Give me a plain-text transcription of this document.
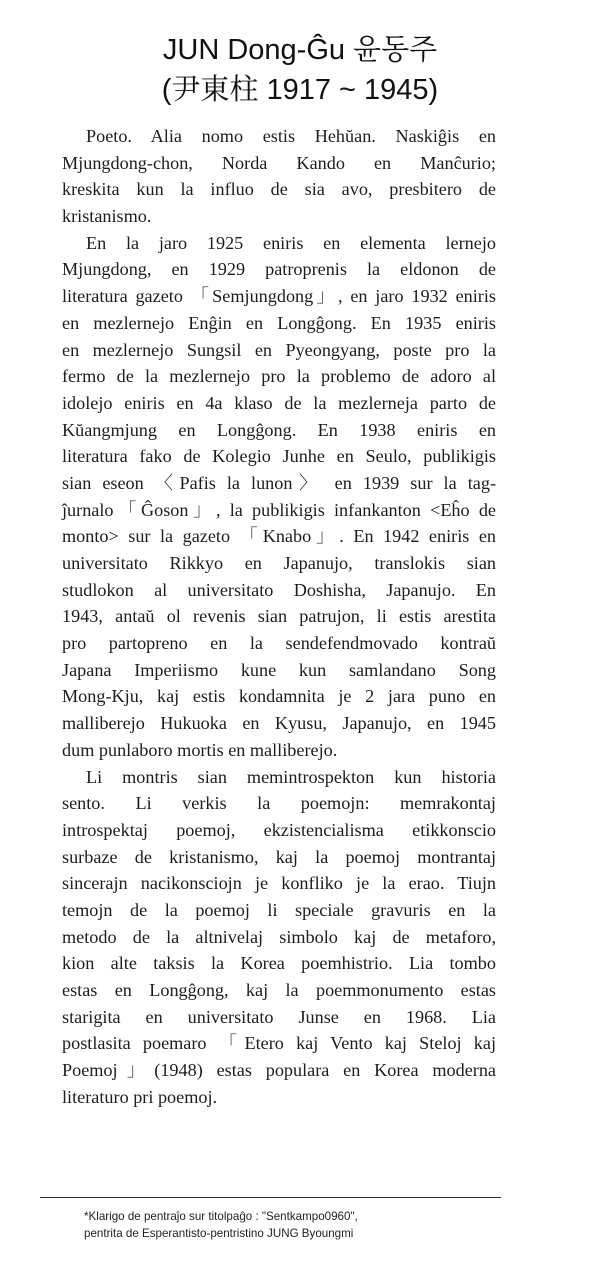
JUN Dong-Ĝu 윤동주
(尹東柱 1917 ~ 1945)
Poeto. Alia nomo estis Hehŭan. Naskiĝis en
Mjungdong-chon, Norda Kando en Manĉurio;
kreskita kun la influo de sia avo, presbitero de
kristanismo.
En la jaro 1925 eniris en elementa lernejo
Mjungdong, en 1929 patroprenis la eldonon de
literatura gazeto 「Semjungdong」, en jaro 1932 eniris
en mezlernejo Enĝin en Longĝong. En 1935 eniris
en mezlernejo Sungsil en Pyeongyang, poste pro la
fermo de la mezlernejo pro la problemo de adoro al
idolejo eniris en 4a klaso de la mezlerneja parto de
Kŭangmjung en Longĝong. En 1938 eniris en
literatura fako de Kolegio Junhe en Seulo, publikigis
sian eseon 〈Pafis la lunon〉 en 1939 sur la tag-
ĵurnalo「Ĝoson」, la publikigis infankanton <Eĥo de
monto> sur la gazeto 「Knabo」. En 1942 eniris en
universitato Rikkyo en Japanujo, translokis sian
studlokon al universitato Doshisha, Japanujo. En
1943, antaŭ ol revenis sian patrujon, li estis arestita
pro partopreno en la sendefendmovado kontraŭ
Japana Imperiismo kune kun samlandano Song
Mong-Kju, kaj estis kondamnita je 2 jara puno en
malliberejo Hukuoka en Kyusu, Japanujo, en 1945
dum punlaboro mortis en malliberejo.
Li montris sian memintrospekton kun historia
sento. Li verkis la poemojn: memrakontaj
introspektaj poemoj, ekzistencialisma etikkonscio
surbaze de kristanismo, kaj la poemoj montrantaj
sincerajn nacikonsciojn je konfliko je la erao. Tiujn
temojn de la poemoj li speciale gravuris en la
metodo de la altnivelaj simbolo kaj de metaforo,
kion alte taksis la Korea poemhistrio. Lia tombo
estas en Longĝong, kaj la poemmonumento estas
starigita en universitato Junse en 1968. Lia
postlasita poemaro 「Etero kaj Vento kaj Steloj kaj
Poemoj」(1948) estas populara en Korea moderna
literaturo pri poemoj.
*Klarigo de pentraĵo sur titolpaĝo : "Sentkampo0960",
pentrita de Esperantisto-pentristino JUNG Byoungmi
